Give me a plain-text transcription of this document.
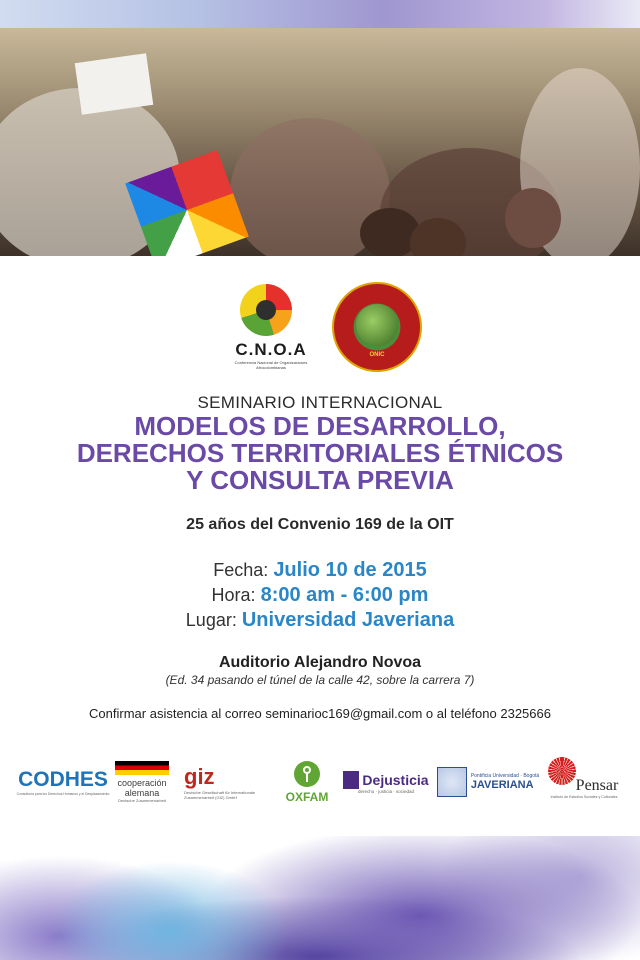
C.N.O.A
Conferencia Nacional de Organizaciones Afrocolombianas
ONIC
SEMINARIO INTERNACIONAL
MODELOS DE DESARROLLO,
DERECHOS TERRITORIALES ÉTNICOS
Y CONSULTA PREVIA
25 años del Convenio 169 de la OIT
Fecha: Julio 10 de 2015
Hora: 8:00 am - 6:00 pm
Lugar: Universidad Javeriana
Auditorio Alejandro Novoa
(Ed. 34 pasando el túnel de la calle 42, sobre la carrera 7)
Confirmar asistencia al correo seminarioc169@gmail.com o al teléfono 2325666
CODHES
Consultoría para los Derechos Humanos y el Desplazamiento
cooperación alemana
Deutsche Zusammenarbeit
giz
Deutsche Gesellschaft für Internationale Zusammenarbeit (GIZ) GmbH	OXFAM
Dejusticia
derecho · justicia · sociedad
Pontificia Universidad · Bogotá
JAVERIANA	Pensar
Instituto de Estudios Sociales y Culturales
